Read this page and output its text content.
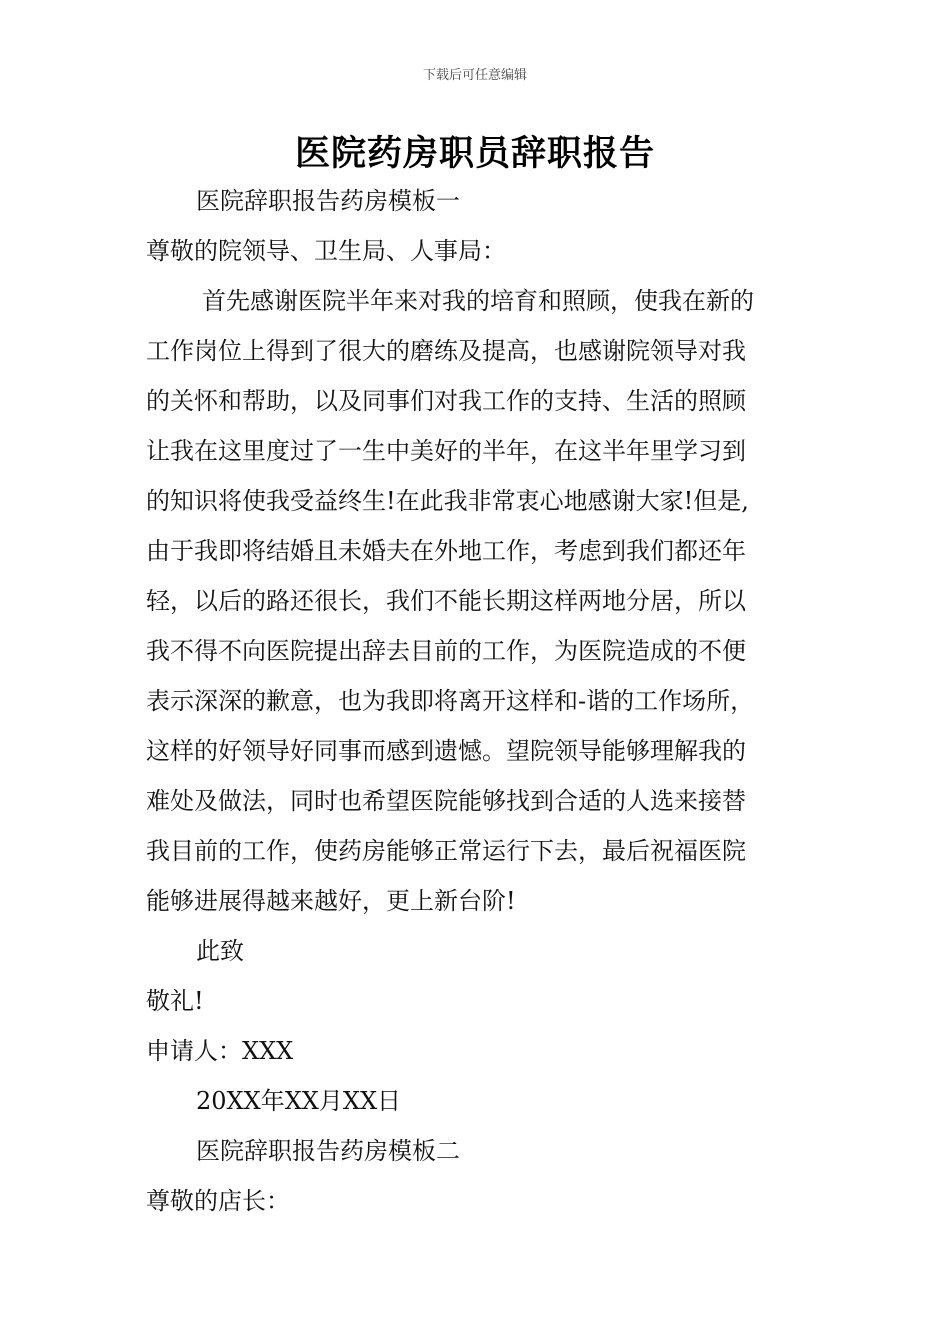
下载后可任意编辑
医院药房职员辞职报告
医院辞职报告药房模板一
尊敬的院领导、卫生局、人事局：
首先感谢医院半年来对我的培育和照顾，使我在新的
工作岗位上得到了很大的磨练及提高，也感谢院领导对我
的关怀和帮助，以及同事们对我工作的支持、生活的照顾
让我在这里度过了一生中美好的半年，在这半年里学习到
的知识将使我受益终生!在此我非常衷心地感谢大家!但是,
由于我即将结婚且未婚夫在外地工作，考虑到我们都还年
轻，以后的路还很长，我们不能长期这样两地分居，所以
我不得不向医院提出辞去目前的工作，为医院造成的不便
表示深深的歉意，也为我即将离开这样和-谐的工作场所，
这样的好领导好同事而感到遗憾。望院领导能够理解我的
难处及做法，同时也希望医院能够找到合适的人选来接替
我目前的工作，使药房能够正常运行下去，最后祝福医院
能够进展得越来越好，更上新台阶!
此致
敬礼!
申请人：XXX
20XX年XX月XX日
医院辞职报告药房模板二
尊敬的店长：
